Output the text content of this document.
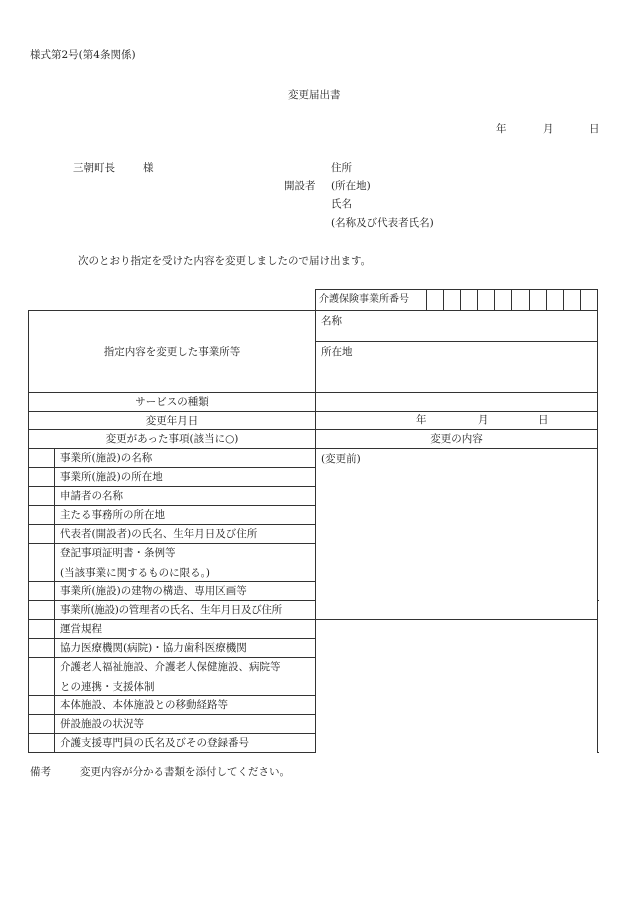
様式第2号(第4条関係)
変更届出書
年	月	日
三朝町長	様	住所
開設者 (所在地)
氏名
(名称及び代表者氏名)
次のとおり指定を受けた内容を変更しましたので届け出ます。
		介護保険事業所番号		

指定内容を変更した事業所等		名称		
		所在地		
サービスの種類				
変更年月日		年 月 日		

変更があった事項(該当に○)		変更の内容		
	事業所(施設)の名称	(変更前)		
	事業所(施設)の所在地			
	申請者の名称			
	主たる事務所の所在地			
	代表者(開設者)の氏名、生年月日及び住所			

	登記事項証明書・条例等
(当該事業に関するものに限る。)			

	事業所(施設)の建物の構造、専用区画等			
	事業所(施設)の管理者の氏名、生年月日及び住所	
	運営規程			
	協力医療機関(病院)・協力歯科医療機関			

	介護老人福祉施設、介護老人保健施設、病院等
との連携・支援体制			

	本体施設、本体施設との移動経路等			
	併設施設の状況等			
	介護支援専門員の氏名及びその登録番号			
備考	変更内容が分かる書類を添付してください。
